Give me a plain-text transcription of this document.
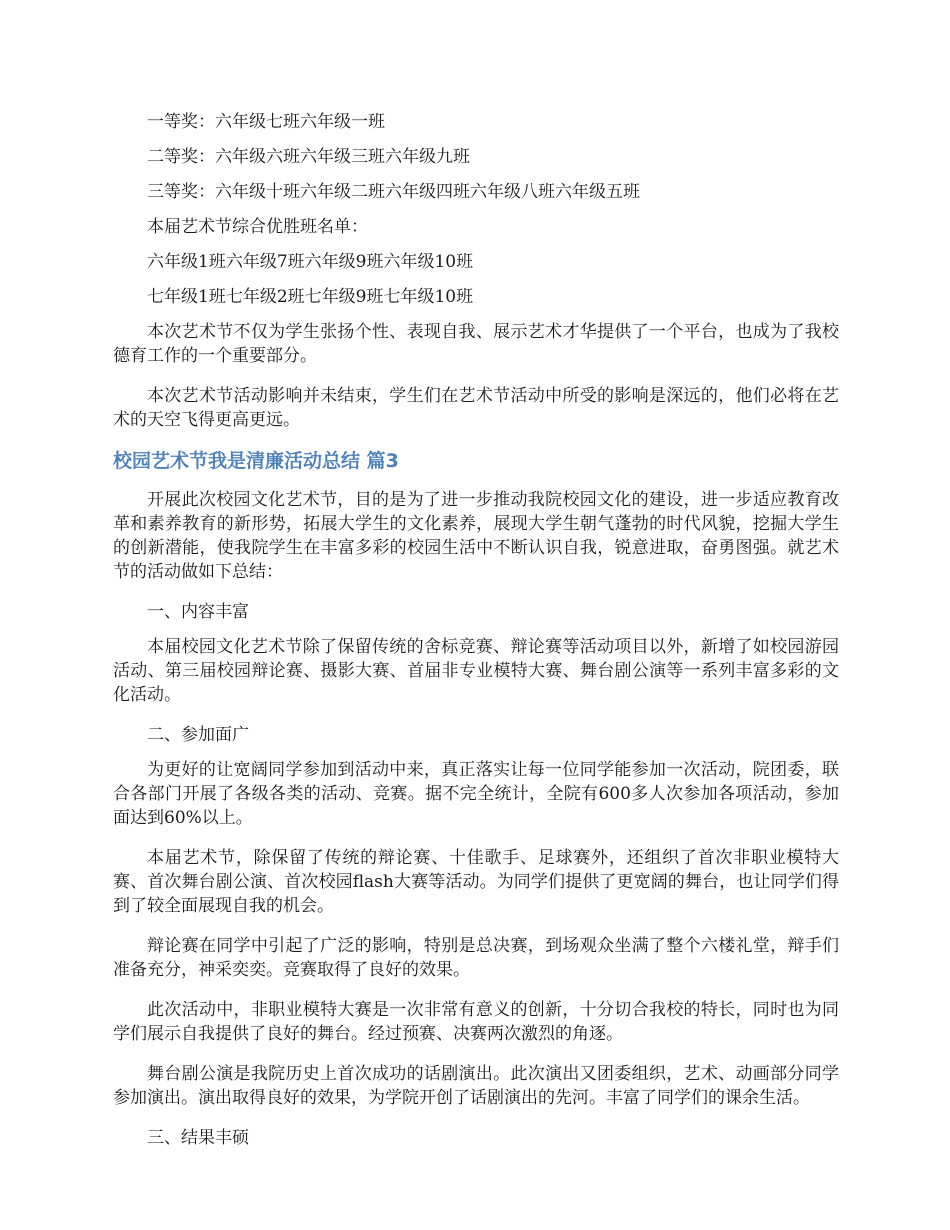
一等奖：六年级七班六年级一班

二等奖：六年级六班六年级三班六年级九班

三等奖：六年级十班六年级二班六年级四班六年级八班六年级五班

本届艺术节综合优胜班名单：

六年级1班六年级7班六年级9班六年级10班

七年级1班七年级2班七年级9班七年级10班

本次艺术节不仅为学生张扬个性、表现自我、展示艺术才华提供了一个平台，也成为了我校德育工作的一个重要部分。

本次艺术节活动影响并未结束，学生们在艺术节活动中所受的影响是深远的，他们必将在艺术的天空飞得更高更远。

校园艺术节我是清廉活动总结 篇3

开展此次校园文化艺术节，目的是为了进一步推动我院校园文化的建设，进一步适应教育改革和素养教育的新形势，拓展大学生的文化素养，展现大学生朝气蓬勃的时代风貌，挖掘大学生的创新潜能，使我院学生在丰富多彩的校园生活中不断认识自我，锐意进取，奋勇图强。就艺术节的活动做如下总结：

一、内容丰富

本届校园文化艺术节除了保留传统的舍标竞赛、辩论赛等活动项目以外，新增了如校园游园活动、第三届校园辩论赛、摄影大赛、首届非专业模特大赛、舞台剧公演等一系列丰富多彩的文化活动。

二、参加面广

为更好的让宽阔同学参加到活动中来，真正落实让每一位同学能参加一次活动，院团委，联合各部门开展了各级各类的活动、竞赛。据不完全统计，全院有600多人次参加各项活动，参加面达到60%以上。

本届艺术节，除保留了传统的辩论赛、十佳歌手、足球赛外，还组织了首次非职业模特大赛、首次舞台剧公演、首次校园flash大赛等活动。为同学们提供了更宽阔的舞台，也让同学们得到了较全面展现自我的机会。

辩论赛在同学中引起了广泛的影响，特别是总决赛，到场观众坐满了整个六楼礼堂，辩手们准备充分，神采奕奕。竞赛取得了良好的效果。

此次活动中，非职业模特大赛是一次非常有意义的创新，十分切合我校的特长，同时也为同学们展示自我提供了良好的舞台。经过预赛、决赛两次激烈的角逐。

舞台剧公演是我院历史上首次成功的话剧演出。此次演出又团委组织，艺术、动画部分同学参加演出。演出取得良好的效果，为学院开创了话剧演出的先河。丰富了同学们的课余生活。

三、结果丰硕
